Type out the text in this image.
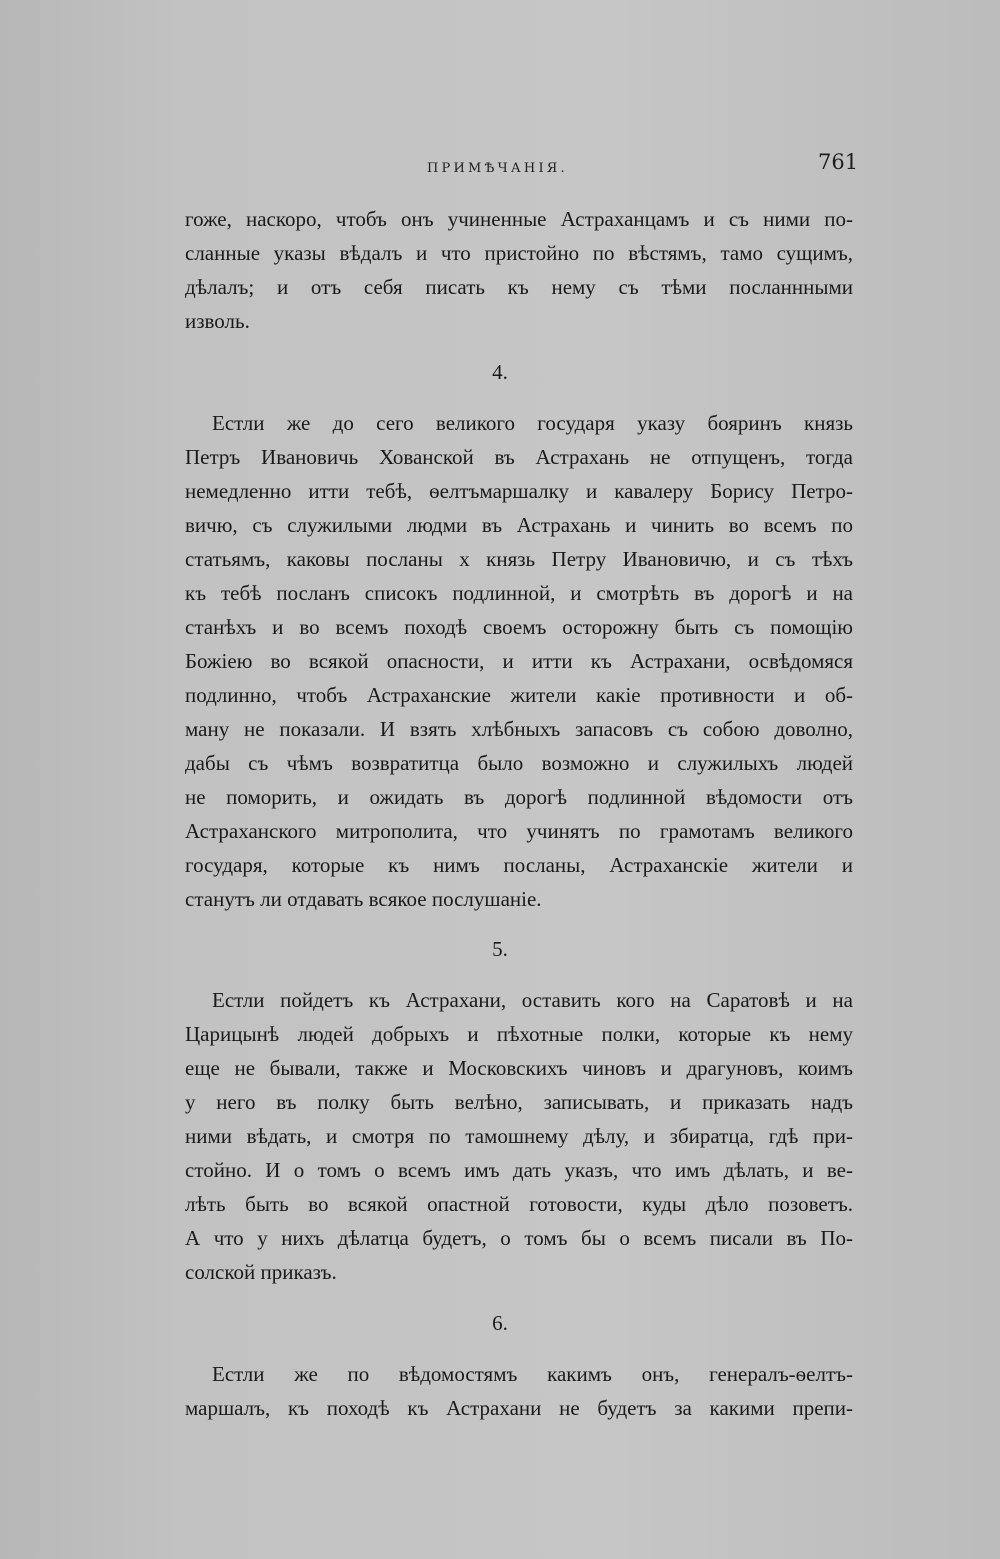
ПРИМѢЧАНІЯ.	761
гоже, наскоро, чтобъ онъ учиненные Астраханцамъ и съ ними по-
сланные указы вѣдалъ и что пристойно по вѣстямъ, тамо сущимъ,
дѣлалъ; и отъ себя писать къ нему съ тѣми посланнными
изволь.
4.
Естли же до сего великого государя указу бояринъ князь
Петръ Ивановичь Хованской въ Астрахань не отпущенъ, тогда
немедленно итти тебѣ, ѳелтъмаршалку и кавалеру Борису Петро-
вичю, съ служилыми людми въ Астрахань и чинить во всемъ по
статьямъ, каковы посланы х князь Петру Ивановичю, и съ тѣхъ
къ тебѣ посланъ списокъ подлинной, и смотрѣть въ дорогѣ и на
станѣхъ и во всемъ походѣ своемъ осторожну быть съ помощію
Божіею во всякой опасности, и итти къ Астрахани, освѣдомяся
подлинно, чтобъ Астраханские жители какіе противности и об-
ману не показали. И взять хлѣбныхъ запасовъ съ собою доволно,
дабы съ чѣмъ возвратитца было возможно и служилыхъ людей
не поморить, и ожидать въ дорогѣ подлинной вѣдомости отъ
Астраханского митрополита, что учинятъ по грамотамъ великого
государя, которые къ нимъ посланы, Астраханскіе жители и
станутъ ли отдавать всякое послушаніе.
5.
Естли пойдетъ къ Астрахани, оставить кого на Саратовѣ и на
Царицынѣ людей добрыхъ и пѣхотные полки, которые къ нему
еще не бывали, также и Московскихъ чиновъ и драгуновъ, коимъ
у него въ полку быть велѣно, записывать, и приказать надъ
ними вѣдать, и смотря по тамошнему дѣлу, и збиратца, гдѣ при-
стойно. И о томъ о всемъ имъ дать указъ, что имъ дѣлать, и ве-
лѣть быть во всякой опастной готовости, куды дѣло позоветъ.
А что у нихъ дѣлатца будетъ, о томъ бы о всемъ писали въ По-
солской приказъ.
6.
Естли же по вѣдомостямъ какимъ онъ, генералъ-ѳелтъ-
маршалъ, къ походѣ къ Астрахани не будетъ за какими препи-
